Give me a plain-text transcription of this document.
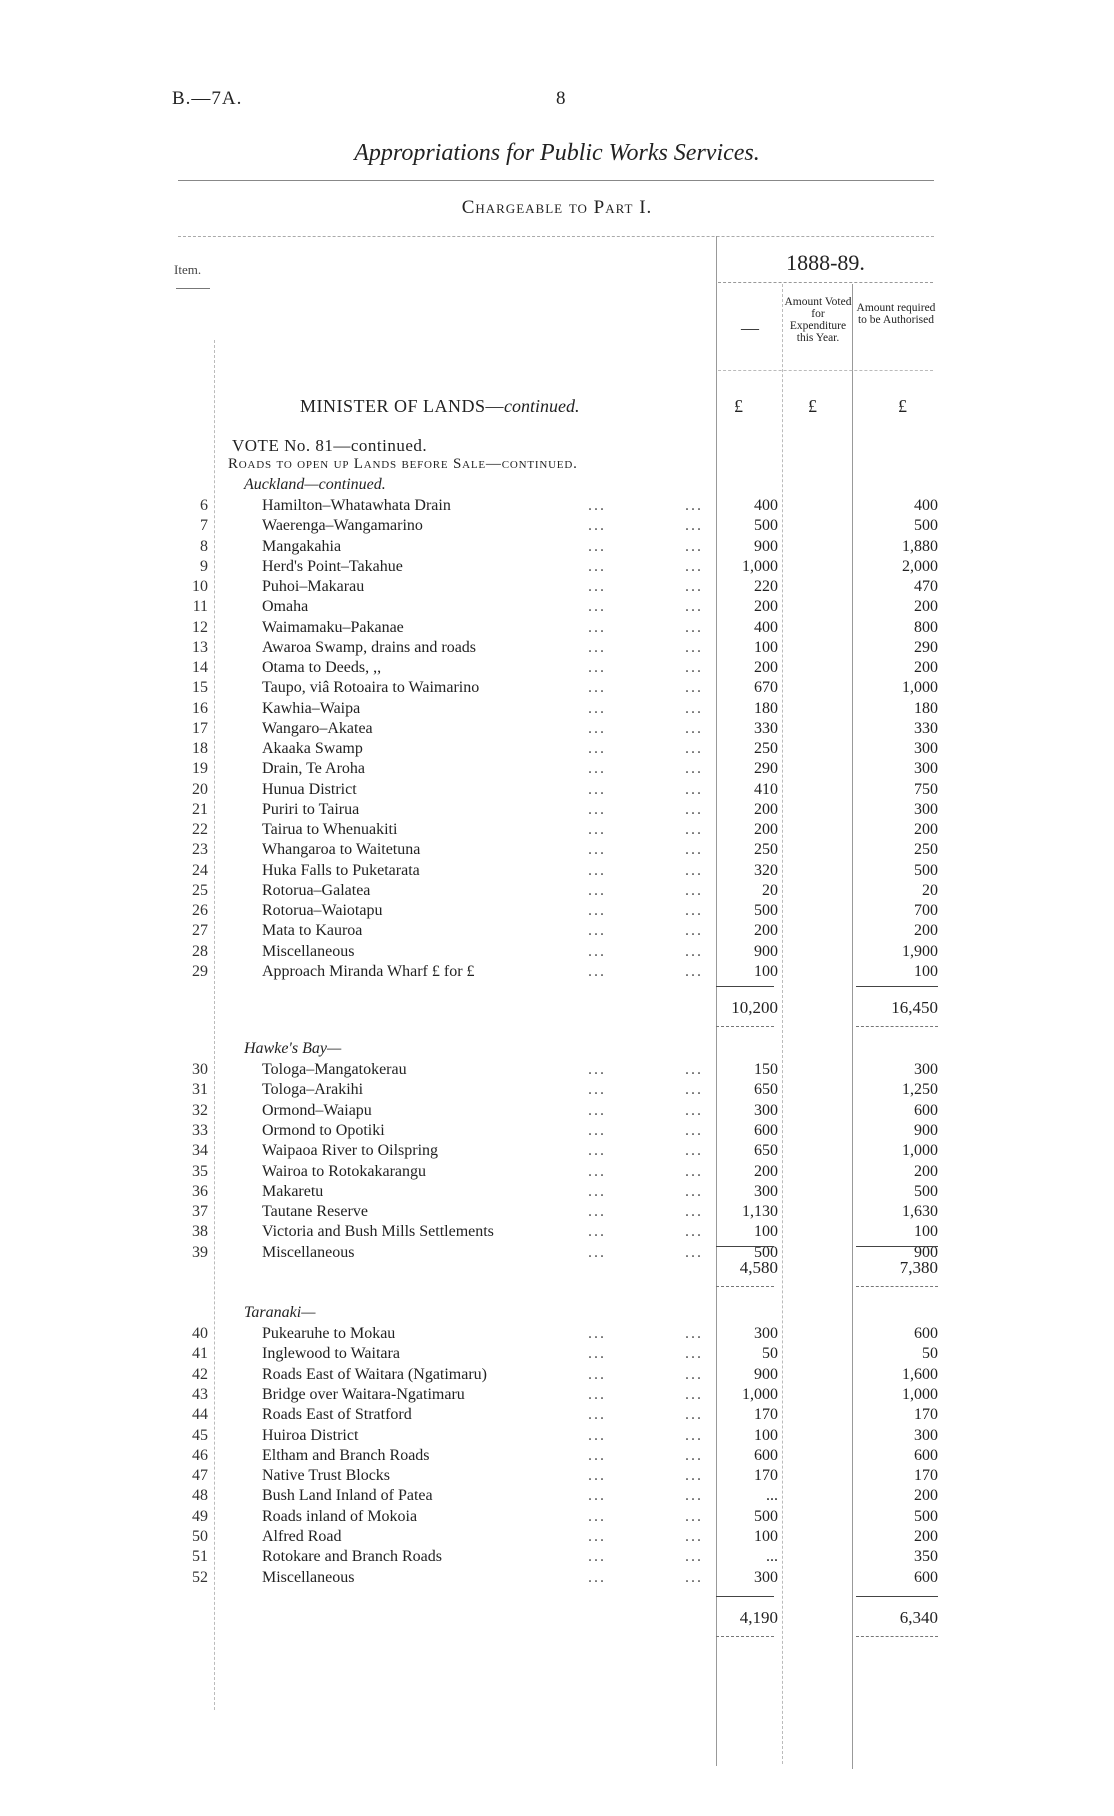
B.—7A.	8
Appropriations for Public Works Services.
Chargeable to Part I.
Item.	1888-89.
—
Amount Voted for Expenditure this Year.
Amount required to be Authorised
MINISTER OF LANDS—continued.	£	£	£
VOTE No. 81—continued.
Roads to open up Lands before Sale—continued.
Auckland—continued.
6	Hamilton–Whatawhata Drain	...	...	400	400
7	Waerenga–Wangamarino	...	...	500	500
8	Mangakahia	...	...	900	1,880
9	Herd's Point–Takahue	...	...	1,000	2,000
10	Puhoi–Makarau	...	...	220	470
11	Omaha	...	...	200	200
12	Waimamaku–Pakanae	...	...	400	800
13	Awaroa Swamp, drains and roads	...	...	100	290
14	Otama to Deeds, ,,	...	...	200	200
15	Taupo, viâ Rotoaira to Waimarino	...	...	670	1,000
16	Kawhia–Waipa	...	...	180	180
17	Wangaro–Akatea	...	...	330	330
18	Akaaka Swamp	...	...	250	300
19	Drain, Te Aroha	...	...	290	300
20	Hunua District	...	...	410	750
21	Puriri to Tairua	...	...	200	300
22	Tairua to Whenuakiti	...	...	200	200
23	Whangaroa to Waitetuna	...	...	250	250
24	Huka Falls to Puketarata	...	...	320	500
25	Rotorua–Galatea	...	...	20	20
26	Rotorua–Waiotapu	...	...	500	700
27	Mata to Kauroa	...	...	200	200
28	Miscellaneous	...	...	900	1,900
29	Approach Miranda Wharf £ for £	...	...	100	100
10,200	16,450
Hawke's Bay—
30	Tologa–Mangatokerau	...	...	150	300
31	Tologa–Arakihi	...	...	650	1,250
32	Ormond–Waiapu	...	...	300	600
33	Ormond to Opotiki	...	...	600	900
34	Waipaoa River to Oilspring	...	...	650	1,000
35	Wairoa to Rotokakarangu	...	...	200	200
36	Makaretu	...	...	300	500
37	Tautane Reserve	...	...	1,130	1,630
38	Victoria and Bush Mills Settlements	...	...	100	100
39	Miscellaneous	...	...	500	900
4,580	7,380
Taranaki—
40	Pukearuhe to Mokau	...	...	300	600
41	Inglewood to Waitara	...	...	50	50
42	Roads East of Waitara (Ngatimaru)	...	...	900	1,600
43	Bridge over Waitara-Ngatimaru	...	...	1,000	1,000
44	Roads East of Stratford	...	...	170	170
45	Huiroa District	...	...	100	300
46	Eltham and Branch Roads	...	...	600	600
47	Native Trust Blocks	...	...	170	170
48	Bush Land Inland of Patea	...	...	...	200
49	Roads inland of Mokoia	...	...	500	500
50	Alfred Road	...	...	100	200
51	Rotokare and Branch Roads	...	...	...	350
52	Miscellaneous	...	...	300	600
4,190	6,340
